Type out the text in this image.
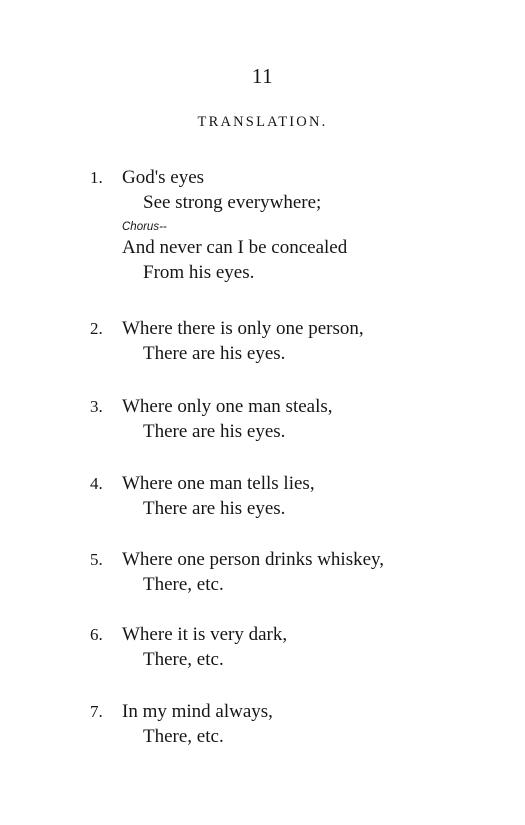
11
TRANSLATION.
1. God's eyes
See strong everywhere;
Chorus--
And never can I be concealed
From his eyes.
2. Where there is only one person,
There are his eyes.
3. Where only one man steals,
There are his eyes.
4. Where one man tells lies,
There are his eyes.
5. Where one person drinks whiskey,
There, etc.
6. Where it is very dark,
There, etc.
7. In my mind always,
There, etc.
